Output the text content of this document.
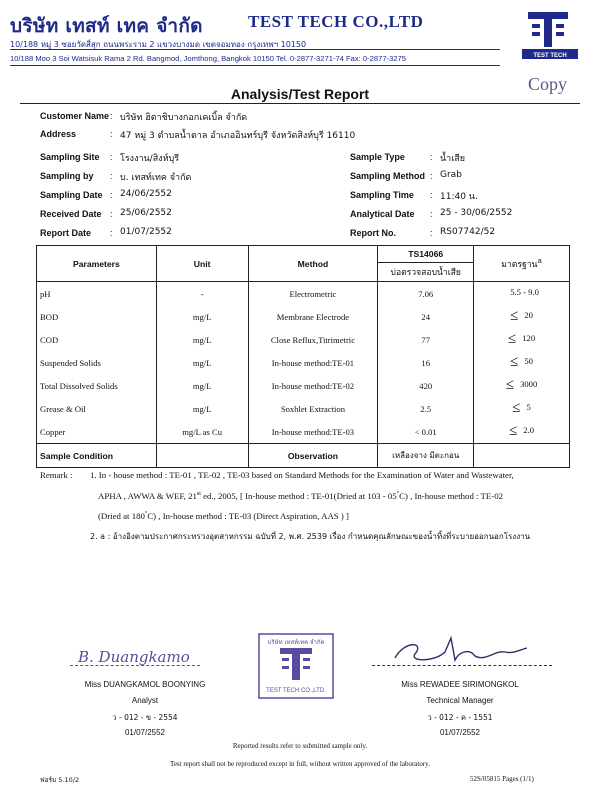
บริษัท เทสท์ เทค จำกัด	TEST TECH CO.,LTD
10/188 หมู่ 3 ซอยวัดสี่สุก ถนนพระราม 2 แขวงบางมด เขตจอมทอง กรุงเทพฯ 10150
10/188 Moo 3 Soi Watsisuk Rama 2 Rd. Bangmod, Jomthong, Bangkok 10150 Tel. 0-2877-3271-74 Fax: 0-2877-3275	TEST TECH
Copy
Analysis/Test Report
Customer Name : บริษัท ฮิตาชิบางกอกเคเบิ้ล จำกัด
Address	: 47 หมู่ 3 ตำบลน้ำตาล อำเภออินทร์บุรี จังหวัดสิงห์บุรี 16110
Sampling Site : โรงงาน/สิงห์บุรี	Sample Type	: น้ำเสีย
Sampling by : บ. เทสท์เทค จำกัด	Sampling Method : Grab
Sampling Date : 24/06/2552	Sampling Time : 11:40 น.
Received Date : 25/06/2552	Analytical Date : 25 - 30/06/2552
Report Date : 01/07/2552	Report No.	: RS07742/52
Parameters	Unit	Method	TS14066	มาตรฐาน$^a$
			บ่อตรวจสอบน้ำเสีย	
pH	-	Electrometric	7.06	5.5 - 9.0
BOD	mg/L	Membrane Electrode	24	≤ 20
COD	mg/L	Close Reflux,Titrimetric	77	≤ 120
Suspended Solids	mg/L	In-house method:TE-01	16	≤ 50
Total Dissolved Solids	mg/L	In-house method:TE-02	420	≤ 3000
Grease & Oil	mg/L	Soxhlet Extraction	2.5	≤ 5
Copper	mg/L as Cu	In-house method:TE-03	< 0.01	≤ 2.0
Sample Condition		Observation	เหลืองจาง มีตะกอน	
Remark : 1. In - house method : TE-01 , TE-02 , TE-03 based on Standard Methods for the Examination of Water and Wastewater,
APHA , AWWA & WEF, 21st ed., 2005, [ In-house method : TE-01(Dried at 103 - 05°C) , In-house method : TE-02
(Dried at 180°C) , In-house method : TE-03 (Direct Aspiration, AAS ) ]
2. a : อ้างอิงตามประกาศกระทรวงอุตสาหกรรม ฉบับที่ 2, พ.ศ. 2539 เรื่อง กำหนดคุณลักษณะของน้ำทิ้งที่ระบายออกนอกโรงงาน
B. Duangkamol
Miss DUANGKAMOL BOONYING
Analyst
ว - 012 - ข - 2554
01/07/2552
บริษัท เทสท์เทค จำกัด
TEST TECH CO.,LTD.
Miss REWADEE SIRIMONGKOL
Technical Manager
ว - 012 - ค - 1551
01/07/2552
Reported results refer to submitted sample only.
Test report shall not be reproduced except in full, without written approved of the laboratory.
ฟอร์ม 5.10/2	52S/05815 Pages (1/1)
